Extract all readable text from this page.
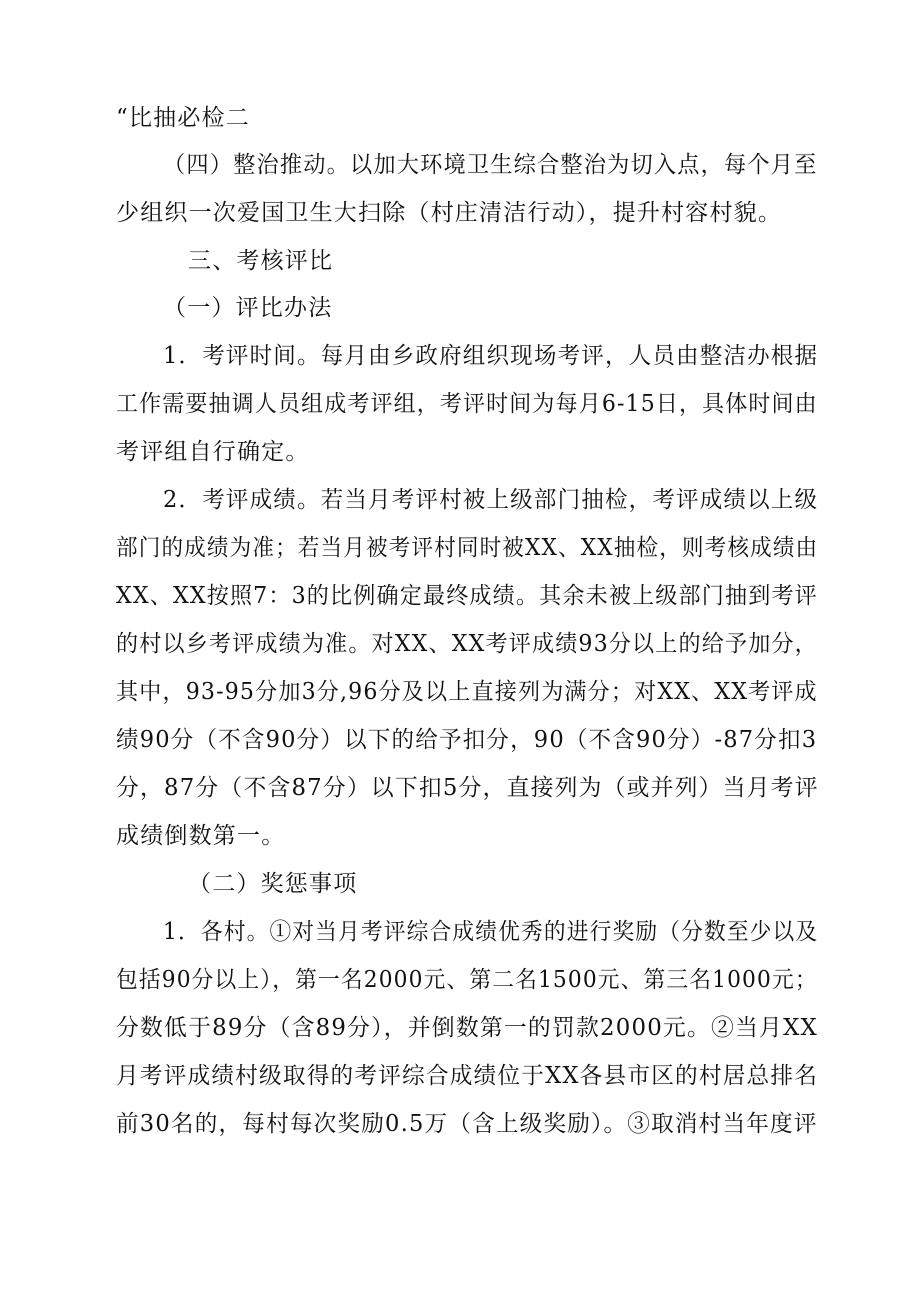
“比抽必检二
（四）整治推动。以加大环境卫生综合整治为切入点，每个月至
少组织一次爱国卫生大扫除（村庄清洁行动），提升村容村貌。
三、考核评比
（一）评比办法
1．考评时间。每月由乡政府组织现场考评，人员由整洁办根据
工作需要抽调人员组成考评组，考评时间为每月6-15日，具体时间由
考评组自行确定。
2．考评成绩。若当月考评村被上级部门抽检，考评成绩以上级
部门的成绩为准；若当月被考评村同时被XX、XX抽检，则考核成绩由
XX、XX按照7：3的比例确定最终成绩。其余未被上级部门抽到考评
的村以乡考评成绩为准。对XX、XX考评成绩93分以上的给予加分，
其中，93-95分加3分,96分及以上直接列为满分；对XX、XX考评成
绩90分（不含90分）以下的给予扣分，90（不含90分）-87分扣3
分，87分（不含87分）以下扣5分，直接列为（或并列）当月考评
成绩倒数第一。
（二）奖惩事项
1．各村。①对当月考评综合成绩优秀的进行奖励（分数至少以及
包括90分以上），第一名2000元、第二名1500元、第三名1000元；
分数低于89分（含89分），并倒数第一的罚款2000元。②当月XX
月考评成绩村级取得的考评综合成绩位于XX各县市区的村居总排名
前30名的，每村每次奖励0.5万（含上级奖励）。③取消村当年度评
